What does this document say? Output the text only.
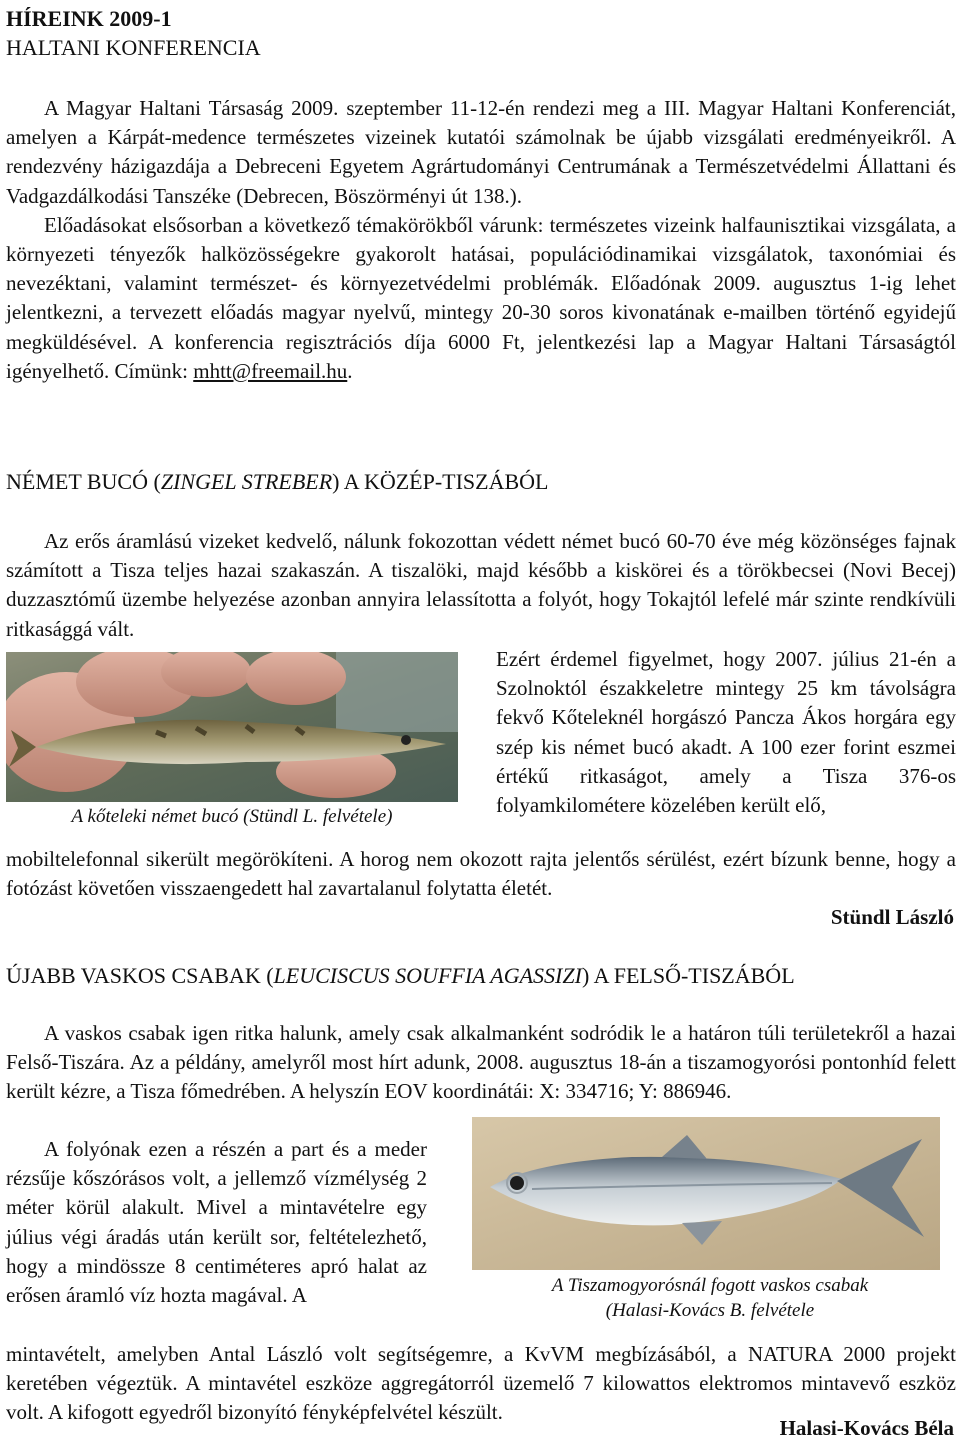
HÍREINK 2009-1
HALTANI KONFERENCIA

A Magyar Haltani Társaság 2009. szeptember 11-12-én rendezi meg a III. Magyar Haltani Konferenciát, amelyen a Kárpát-medence természetes vizeinek kutatói számolnak be újabb vizsgálati eredményeikről. A rendezvény házigazdája a Debreceni Egyetem Agrártudományi Centrumának a Természetvédelmi Állattani és Vadgazdálkodási Tanszéke (Debrecen, Böszörményi út 138.).

Előadásokat elsősorban a következő témakörökből várunk: természetes vizeink halfaunisztikai vizsgálata, a környezeti tényezők halközösségekre gyakorolt hatásai, populációdinamikai vizsgálatok, taxonómiai és nevezéktani, valamint természet- és környezetvédelmi problémák. Előadónak 2009. augusztus 1-ig lehet jelentkezni, a tervezett előadás magyar nyelvű, mintegy 20-30 soros kivonatának e-mailben történő egyidejű megküldésével. A konferencia regisztrációs díja 6000 Ft, jelentkezési lap a Magyar Haltani Társaságtól igényelhető. Címünk: mhtt@freemail.hu.

NÉMET BUCÓ (ZINGEL STREBER) A KÖZÉP-TISZÁBÓL

Az erős áramlású vizeket kedvelő, nálunk fokozottan védett német bucó 60-70 éve még közönséges fajnak számított a Tisza teljes hazai szakaszán. A tiszalöki, majd később a kiskörei és a törökbecsei (Novi Becej) duzzasztómű üzembe helyezése azonban annyira lelassította a folyót, hogy Tokajtól lefelé már szinte rendkívüli ritkasággá vált.

A kőteleki német bucó (Stündl L. felvétele)

Ezért érdemel figyelmet, hogy 2007. július 21-én a Szolnoktól északkeletre mintegy 25 km távolságra fekvő Kőteleknél horgászó Pancza Ákos horgára egy szép kis német bucó akadt. A 100 ezer forint eszmei értékű ritkaságot, amely a Tisza 376-os folyamkilométere közelében került elő,

mobiltelefonnal sikerült megörökíteni. A horog nem okozott rajta jelentős sérülést, ezért bízunk benne, hogy a fotózást követően visszaengedett hal zavartalanul folytatta életét.

Stündl László
ÚJABB VASKOS CSABAK (LEUCISCUS SOUFFIA AGASSIZI) A FELSŐ-TISZÁBÓL

A vaskos csabak igen ritka halunk, amely csak alkalmanként sodródik le a határon túli területekről a hazai Felső-Tiszára. Az a példány, amelyről most hírt adunk, 2008. augusztus 18-án a tiszamogyorósi pontonhíd felett került kézre, a Tisza főmedrében. A helyszín EOV koordinátái: X: 334716; Y: 886946.

A folyónak ezen a részén a part és a meder rézsűje kőszórásos volt, a jellemző vízmélység 2 méter körül alakult. Mivel a mintavételre egy július végi áradás után került sor, feltételezhető, hogy a mindössze 8 centiméteres apró halat az erősen áramló víz hozta magával. A	A Tiszamogyorósnál fogott vaskos csabak
(Halasi-Kovács B. felvétele

mintavételt, amelyben Antal László volt segítségemre, a KvVM megbízásából, a NATURA 2000 projekt keretében végeztük. A mintavétel eszköze aggregátorról üzemelő 7 kilowattos elektromos mintavevő eszköz volt. A kifogott egyedről bizonyító fényképfelvétel készült.

Halasi-Kovács Béla
